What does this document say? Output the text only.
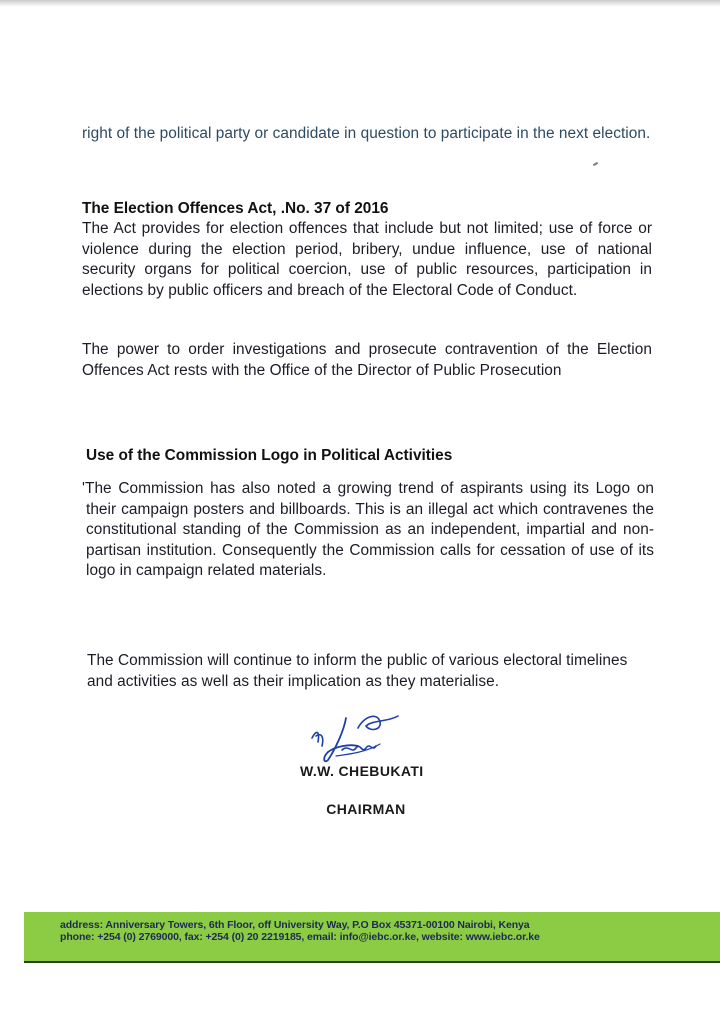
right of the political party or candidate in question to participate in the next election.

The Election Offences Act, .No. 37 of 2016

The Act provides for election offences that include but not limited; use of force or violence during the election period, bribery, undue influence, use of national security organs for political coercion, use of public resources, participation in elections by public officers and breach of the Electoral Code of Conduct.

The power to order investigations and prosecute contravention of the Election Offences Act rests with the Office of the Director of Public Prosecution

Use of the Commission Logo in Political Activities

'The Commission has also noted a growing trend of aspirants using its Logo on their campaign posters and billboards. This is an illegal act which contravenes the constitutional standing of the Commission as an independent, impartial and non-partisan institution. Consequently the Commission calls for cessation of use of its logo in campaign related materials.

The Commission will continue to inform the public of various electoral timelines and activities as well as their implication as they materialise.

W.W. CHEBUKATI

CHAIRMAN

address: Anniversary Towers, 6th Floor, off University Way, P.O Box 45371-00100 Nairobi, Kenya
phone: +254 (0) 2769000, fax: +254 (0) 20 2219185, email: info@iebc.or.ke, website: www.iebc.or.ke
